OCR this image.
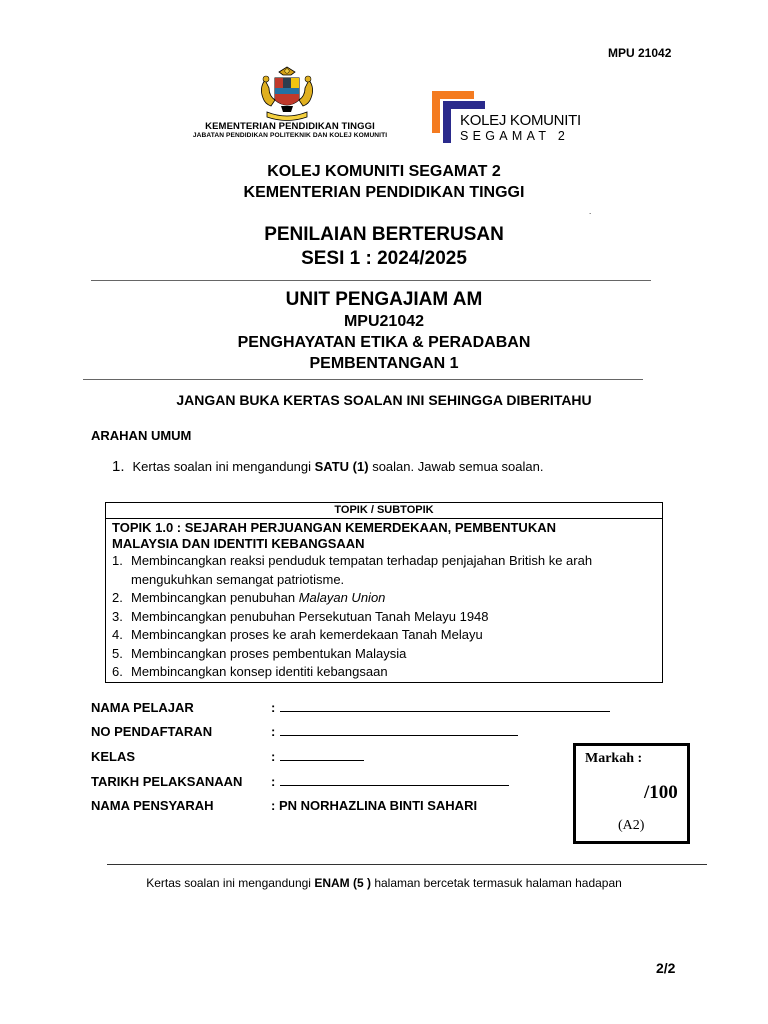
MPU 21042
KEMENTERIAN PENDIDIKAN TINGGI
JABATAN PENDIDIKAN POLITEKNIK DAN KOLEJ KOMUNITI
KOLEJ KOMUNITI
SEGAMAT 2
KOLEJ KOMUNITI SEGAMAT 2
KEMENTERIAN PENDIDIKAN TINGGI
.
PENILAIAN BERTERUSAN
SESI 1 : 2024/2025
UNIT PENGAJIAM AM
MPU21042
PENGHAYATAN ETIKA & PERADABAN
PEMBENTANGAN 1
JANGAN BUKA KERTAS SOALAN INI SEHINGGA DIBERITAHU
ARAHAN UMUM
1. Kertas soalan ini mengandungi SATU (1) soalan. Jawab semua soalan.
TOPIK / SUBTOPIK
TOPIK 1.0 : SEJARAH PERJUANGAN KEMERDEKAAN, PEMBENTUKAN
MALAYSIA DAN IDENTITI KEBANGSAAN
1. Membincangkan reaksi penduduk tempatan terhadap penjajahan British ke arah
mengukuhkan semangat patriotisme.
2. Membincangkan penubuhan Malayan Union
3. Membincangkan penubuhan Persekutuan Tanah Melayu 1948
4. Membincangkan proses ke arah kemerdekaan Tanah Melayu
5. Membincangkan proses pembentukan Malaysia
6. Membincangkan konsep identiti kebangsaan
NAMA PELAJAR	:
NO PENDAFTARAN	:
KELAS	:
TARIKH PELAKSANAAN :
NAMA PENSYARAH	: PN NORHAZLINA BINTI SAHARI
Markah :
/100
(A2)
Kertas soalan ini mengandungi ENAM (5 ) halaman bercetak termasuk halaman hadapan
2/2
